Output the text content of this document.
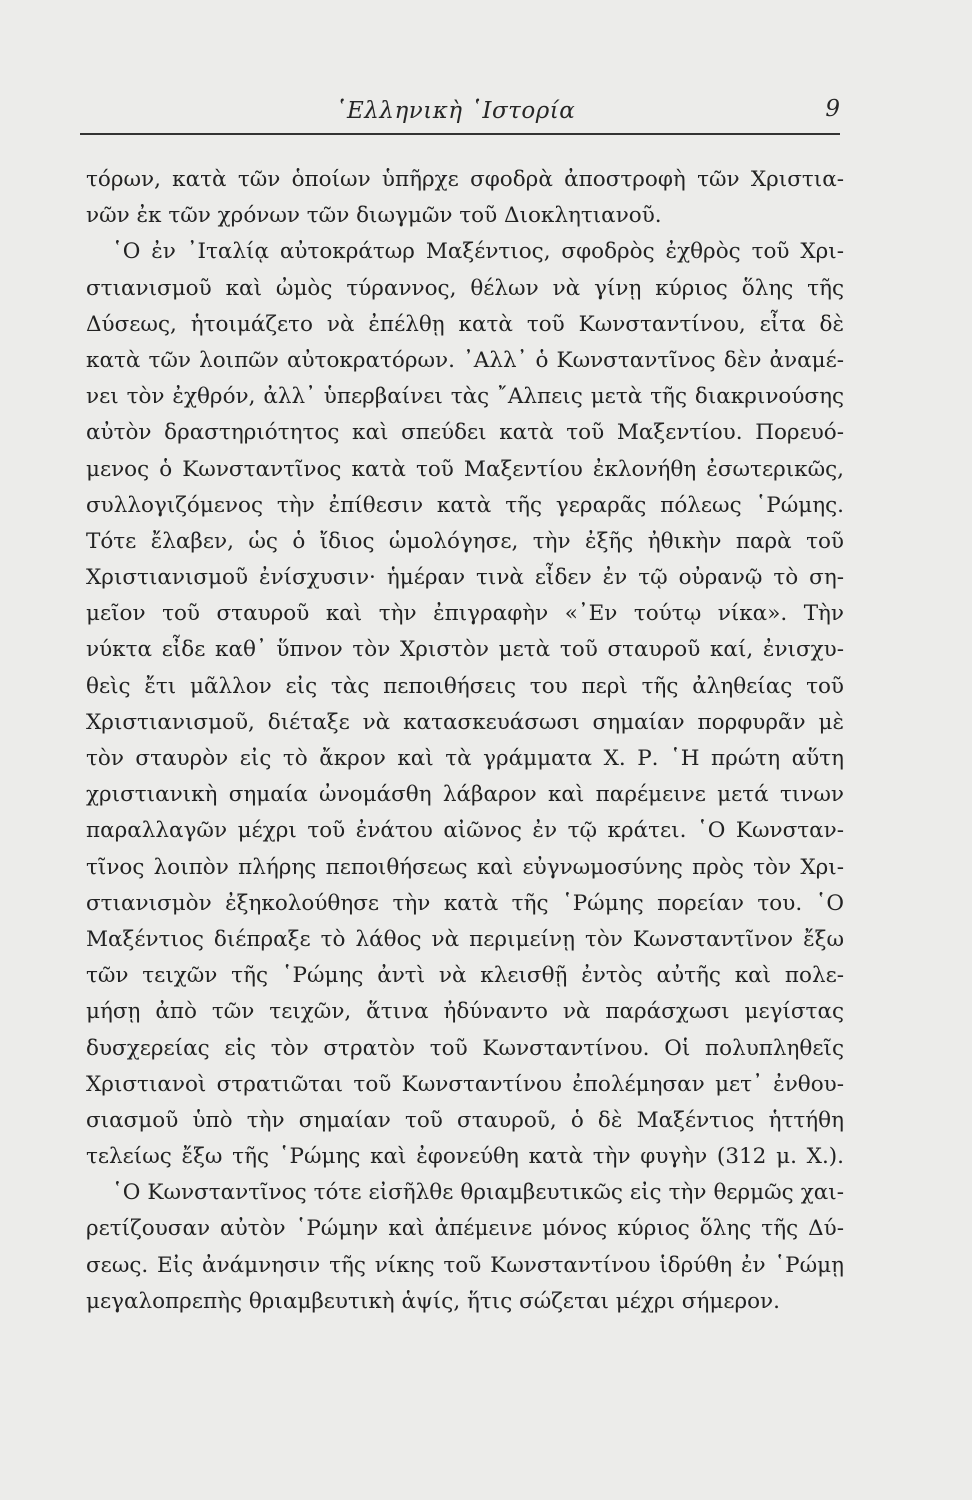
῾Ελληνικὴ ῾Ιστορία	9
τόρων, κατὰ τῶν ὁποίων ὑπῆρχε σφοδρὰ ἀποστροφὴ τῶν Χριστια-
νῶν ἐκ τῶν χρόνων τῶν διωγμῶν τοῦ Διοκλητιανοῦ.
῾Ο ἐν ᾿Ιταλίᾳ αὐτοκράτωρ Μαξέντιος, σφοδρὸς ἐχθρὸς τοῦ Χρι-
στιανισμοῦ καὶ ὠμὸς τύραννος, θέλων νὰ γίνῃ κύριος ὅλης τῆς
Δύσεως, ἡτοιμάζετο νὰ ἐπέλθῃ κατὰ τοῦ Κωνσταντίνου, εἶτα δὲ
κατὰ τῶν λοιπῶν αὐτοκρατόρων. ᾿Αλλ᾿ ὁ Κωνσταντῖνος δὲν ἀναμέ-
νει τὸν ἐχθρόν, ἀλλ᾿ ὑπερβαίνει τὰς ῎Αλπεις μετὰ τῆς διακρινούσης
αὐτὸν δραστηριότητος καὶ σπεύδει κατὰ τοῦ Μαξεντίου. Πορευό-
μενος ὁ Κωνσταντῖνος κατὰ τοῦ Μαξεντίου ἐκλονήθη ἐσωτερικῶς,
συλλογιζόμενος τὴν ἐπίθεσιν κατὰ τῆς γεραρᾶς πόλεως ῾Ρώμης.
Τότε ἔλαβεν, ὡς ὁ ἴδιος ὡμολόγησε, τὴν ἐξῆς ἠθικὴν παρὰ τοῦ
Χριστιανισμοῦ ἐνίσχυσιν· ἡμέραν τινὰ εἶδεν ἐν τῷ οὐρανῷ τὸ ση-
μεῖον τοῦ σταυροῦ καὶ τὴν ἐπιγραφὴν «᾿Εν τούτῳ νίκα». Τὴν
νύκτα εἶδε καθ᾿ ὕπνον τὸν Χριστὸν μετὰ τοῦ σταυροῦ καί, ἐνισχυ-
θεὶς ἔτι μᾶλλον εἰς τὰς πεποιθήσεις του περὶ τῆς ἀληθείας τοῦ
Χριστιανισμοῦ, διέταξε νὰ κατασκευάσωσι σημαίαν πορφυρᾶν μὲ
τὸν σταυρὸν εἰς τὸ ἄκρον καὶ τὰ γράμματα Χ. Ρ. ῾Η πρώτη αὕτη
χριστιανικὴ σημαία ὠνομάσθη λάβαρον καὶ παρέμεινε μετά τινων
παραλλαγῶν μέχρι τοῦ ἐνάτου αἰῶνος ἐν τῷ κράτει. ῾Ο Κωνσταν-
τῖνος λοιπὸν πλήρης πεποιθήσεως καὶ εὐγνωμοσύνης πρὸς τὸν Χρι-
στιανισμὸν ἐξηκολούθησε τὴν κατὰ τῆς ῾Ρώμης πορείαν του. ῾Ο
Μαξέντιος διέπραξε τὸ λάθος νὰ περιμείνῃ τὸν Κωνσταντῖνον ἔξω
τῶν τειχῶν τῆς ῾Ρώμης ἀντὶ νὰ κλεισθῇ ἐντὸς αὐτῆς καὶ πολε-
μήσῃ ἀπὸ τῶν τειχῶν, ἅτινα ἠδύναντο νὰ παράσχωσι μεγίστας
δυσχερείας εἰς τὸν στρατὸν τοῦ Κωνσταντίνου. Οἱ πολυπληθεῖς
Χριστιανοὶ στρατιῶται τοῦ Κωνσταντίνου ἐπολέμησαν μετ᾿ ἐνθου-
σιασμοῦ ὑπὸ τὴν σημαίαν τοῦ σταυροῦ, ὁ δὲ Μαξέντιος ἡττήθη
τελείως ἔξω τῆς ῾Ρώμης καὶ ἐφονεύθη κατὰ τὴν φυγὴν (312 μ. Χ.).
῾Ο Κωνσταντῖνος τότε εἰσῆλθε θριαμβευτικῶς εἰς τὴν θερμῶς χαι-
ρετίζουσαν αὐτὸν ῾Ρώμην καὶ ἀπέμεινε μόνος κύριος ὅλης τῆς Δύ-
σεως. Εἰς ἀνάμνησιν τῆς νίκης τοῦ Κωνσταντίνου ἱδρύθη ἐν ῾Ρώμῃ
μεγαλοπρεπὴς θριαμβευτικὴ ἁψίς, ἥτις σώζεται μέχρι σήμερον.
